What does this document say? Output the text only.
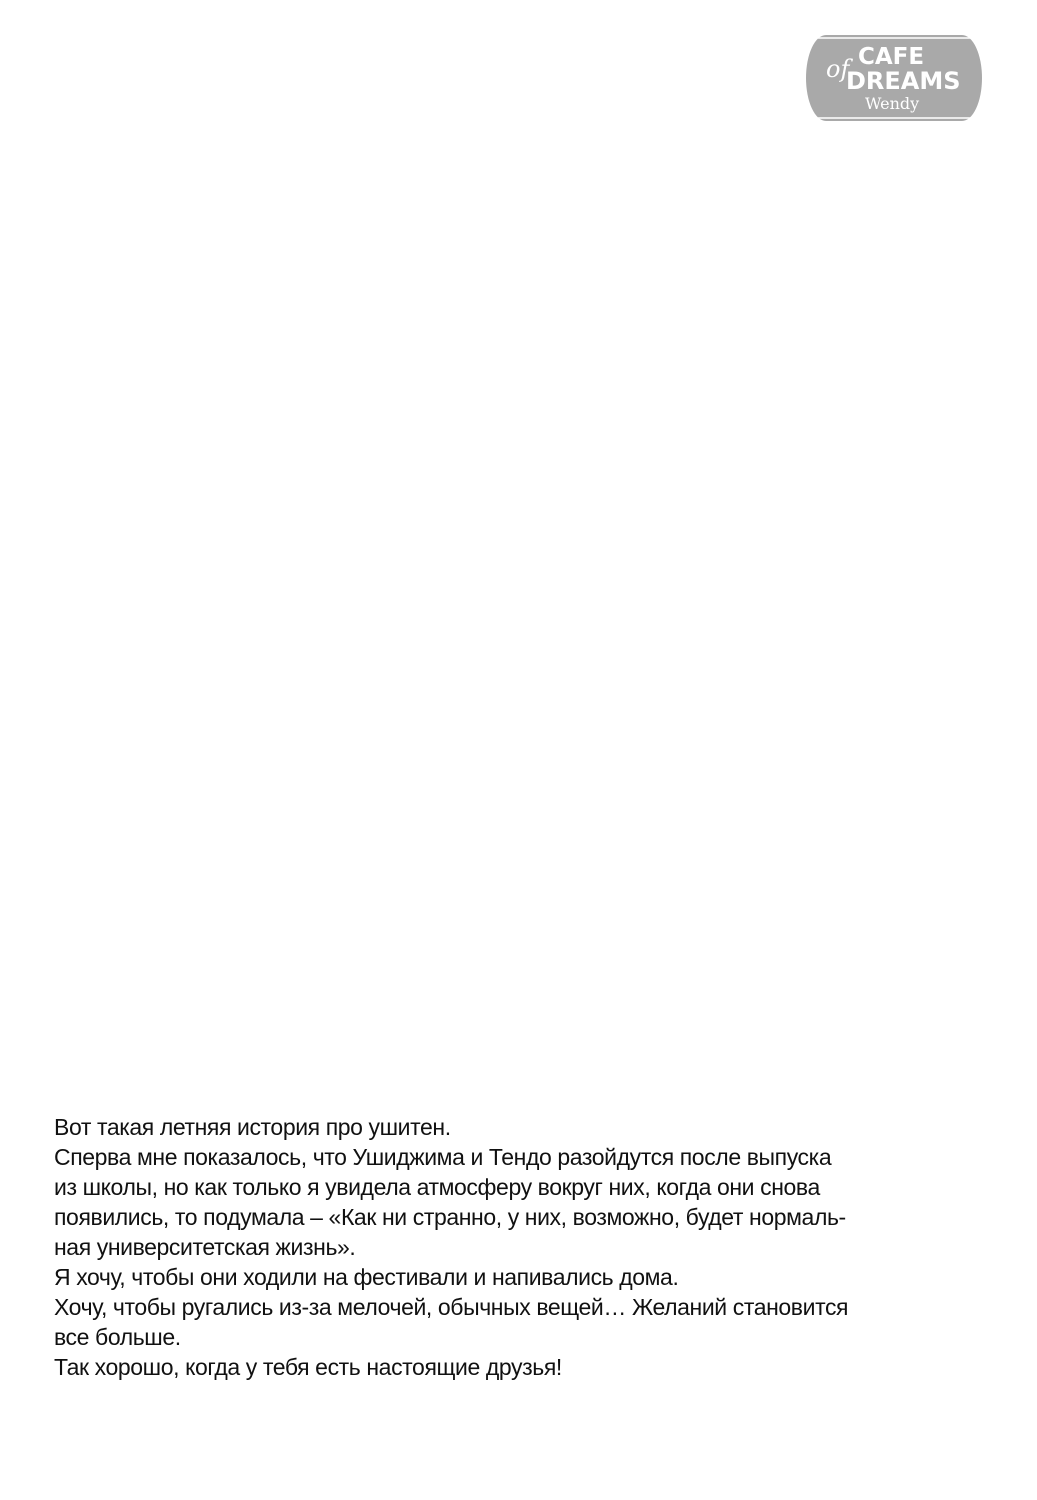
of CAFE
DREAMS
Wendy
Вот такая летняя история про ушитен.
Сперва мне показалось, что Ушиджима и Тендо разойдутся после выпуска
из школы, но как только я увидела атмосферу вокруг них, когда они снова
появились, то подумала – «Как ни странно, у них, возможно, будет нормаль-
ная университетская жизнь».
Я хочу, чтобы они ходили на фестивали и напивались дома.
Хочу, чтобы ругались из-за мелочей, обычных вещей… Желаний становится
все больше.
Так хорошо, когда у тебя есть настоящие друзья!
